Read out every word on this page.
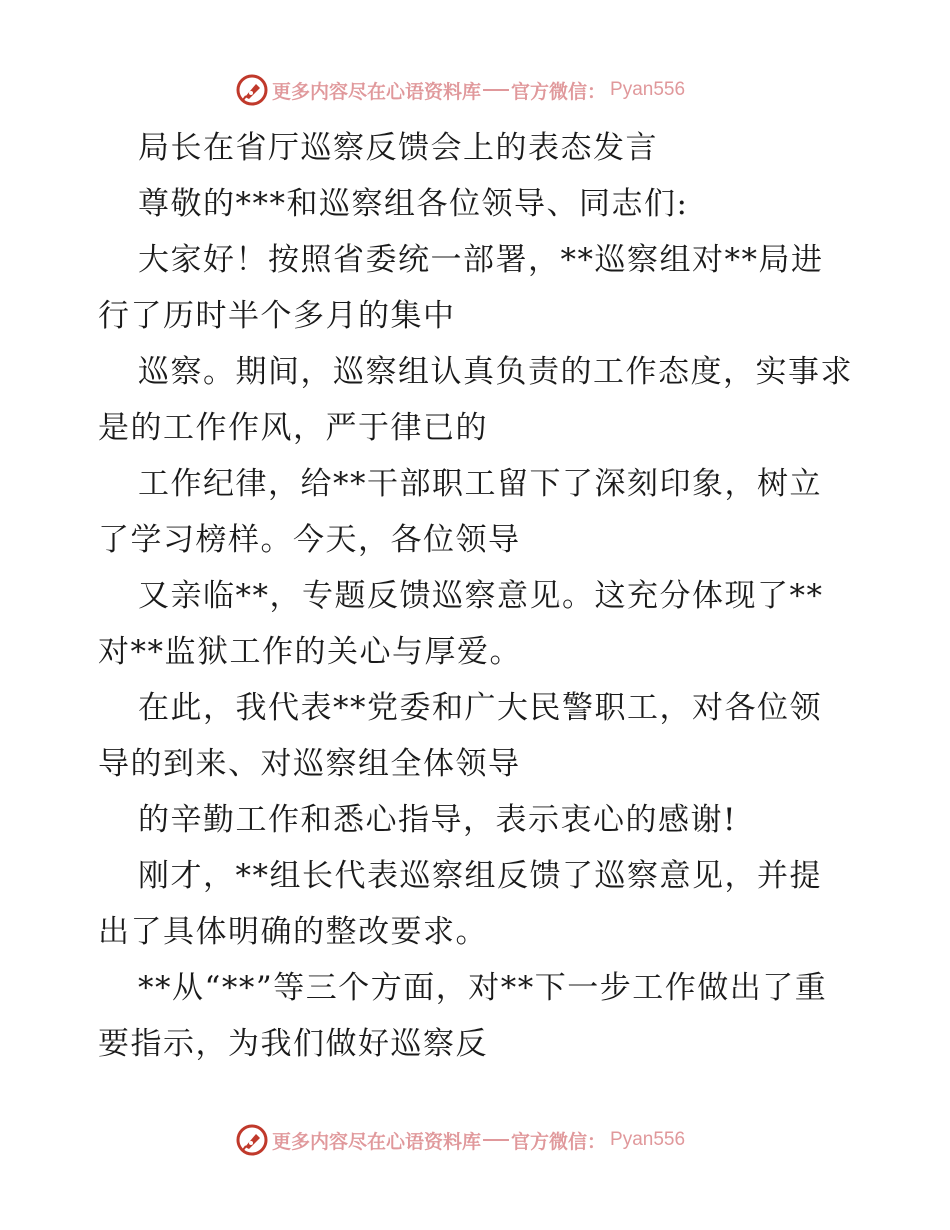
更多内容尽在心语资料库 官方微信： Pyan556

局长在省厅巡察反馈会上的表态发言

尊敬的***和巡察组各位领导、同志们:

大家好！按照省委统一部署，**巡察组对**局进行了历时半个多月的集中

巡察。期间，巡察组认真负责的工作态度，实事求是的工作作风，严于律已的

工作纪律，给**干部职工留下了深刻印象，树立了学习榜样。今天，各位领导

又亲临**，专题反馈巡察意见。这充分体现了**对**监狱工作的关心与厚爱。

在此，我代表**党委和广大民警职工，对各位领导的到来、对巡察组全体领导

的辛勤工作和悉心指导，表示衷心的感谢!

刚才，**组长代表巡察组反馈了巡察意见，并提出了具体明确的整改要求。

**从“**”等三个方面，对**下一步工作做出了重要指示，为我们做好巡察反

更多内容尽在心语资料库 官方微信： Pyan556
